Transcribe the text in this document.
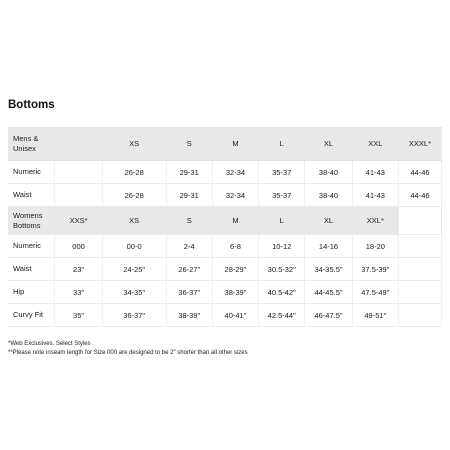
Bottoms
Mens & Unisex		XS	S	M	L	XL	XXL	XXXL*
Numeric		26-28	29-31	32-34	35-37	38-40	41-43	44-46
Waist		26-28	29-31	32-34	35-37	38-40	41-43	44-46
Womens Bottoms	XXS*	XS	S	M	L	XL	XXL*	
Numeric	000	00-0	2-4	6-8	10-12	14-16	18-20	
Waist	23"	24-25"	26-27"	28-29"	30.5-32"	34-35.5"	37.5-39"	
Hip	33"	34-35"	36-37"	38-39"	40.5-42"	44-45.5"	47.5-49"	
Curvy Fit	35"	36-37"	38-39"	40-41"	42.5-44"	46-47.5"	49-51"	
*Web Exclusives. Select Styles
**Please note inseam length for Size 000 are designed to be 2" shorter than all other sizes
